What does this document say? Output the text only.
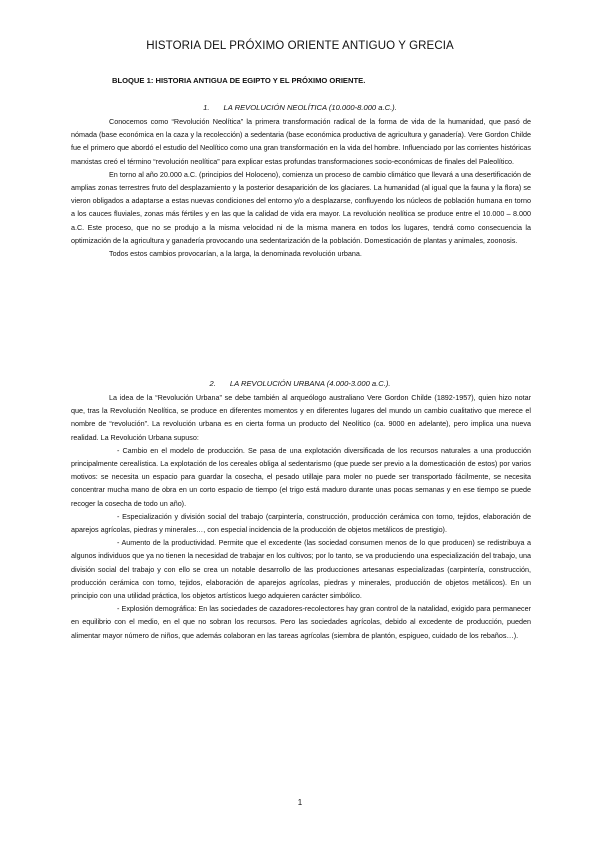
HISTORIA DEL PRÓXIMO ORIENTE ANTIGUO Y GRECIA
BLOQUE 1: HISTORIA ANTIGUA DE EGIPTO Y EL PRÓXIMO ORIENTE.
1. LA REVOLUCIÓN NEOLÍTICA (10.000-8.000 a.C.).

Conocemos como “Revolución Neolítica” la primera transformación radical de la forma de vida de la humanidad, que pasó de nómada (base económica en la caza y la recolección) a sedentaria (base económica productiva de agricultura y ganadería). Vere Gordon Childe fue el primero que abordó el estudio del Neolítico como una gran transformación en la vida del hombre. Influenciado por las corrientes históricas marxistas creó el término “revolución neolítica” para explicar estas profundas transformaciones socio-económicas de finales del Paleolítico.

En torno al año 20.000 a.C. (principios del Holoceno), comienza un proceso de cambio climático que llevará a una desertificación de amplias zonas terrestres fruto del desplazamiento y la posterior desaparición de los glaciares. La humanidad (al igual que la fauna y la flora) se vieron obligados a adaptarse a estas nuevas condiciones del entorno y/o a desplazarse, confluyendo los núcleos de población humana en torno a los cauces fluviales, zonas más fértiles y en las que la calidad de vida era mayor. La revolución neolítica se produce entre el 10.000 – 8.000 a.C. Este proceso, que no se produjo a la misma velocidad ni de la misma manera en todos los lugares, tendrá como consecuencia la optimización de la agricultura y ganadería provocando una sedentarización de la población. Domesticación de plantas y animales, zoonosis.

Todos estos cambios provocarían, a la larga, la denominada revolución urbana.

2. LA REVOLUCIÓN URBANA (4.000-3.000 a.C.).

La idea de la “Revolución Urbana” se debe también al arqueólogo australiano Vere Gordon Childe (1892-1957), quien hizo notar que, tras la Revolución Neolítica, se produce en diferentes momentos y en diferentes lugares del mundo un cambio cualitativo que merece el nombre de “revolución”. La revolución urbana es en cierta forma un producto del Neolítico (ca. 9000 en adelante), pero implica una nueva realidad. La Revolución Urbana supuso:

- Cambio en el modelo de producción. Se pasa de una explotación diversificada de los recursos naturales a una producción principalmente cerealística. La explotación de los cereales obliga al sedentarismo (que puede ser previo a la domesticación de estos) por varios motivos: se necesita un espacio para guardar la cosecha, el pesado utillaje para moler no puede ser transportado fácilmente, se necesita concentrar mucha mano de obra en un corto espacio de tiempo (el trigo está maduro durante unas pocas semanas y en ese tiempo se puede recoger la cosecha de todo un año).

- Especialización y división social del trabajo (carpintería, construcción, producción cerámica con torno, tejidos, elaboración de aparejos agrícolas, piedras y minerales…, con especial incidencia de la producción de objetos metálicos de prestigio).

- Aumento de la productividad. Permite que el excedente (las sociedad consumen menos de lo que producen) se redistribuya a algunos individuos que ya no tienen la necesidad de trabajar en los cultivos; por lo tanto, se va produciendo una especialización del trabajo, una división social del trabajo y con ello se crea un notable desarrollo de las producciones artesanas especializadas (carpintería, construcción, producción cerámica con torno, tejidos, elaboración de aparejos agrícolas, piedras y minerales, producción de objetos metálicos). En un principio con una utilidad práctica, los objetos artísticos luego adquieren carácter simbólico.

- Explosión demográfica: En las sociedades de cazadores-recolectores hay gran control de la natalidad, exigido para permanecer en equilibrio con el medio, en el que no sobran los recursos. Pero las sociedades agrícolas, debido al excedente de producción, pueden alimentar mayor número de niños, que además colaboran en las tareas agrícolas (siembra de plantón, espigueo, cuidado de los rebaños…).

1
